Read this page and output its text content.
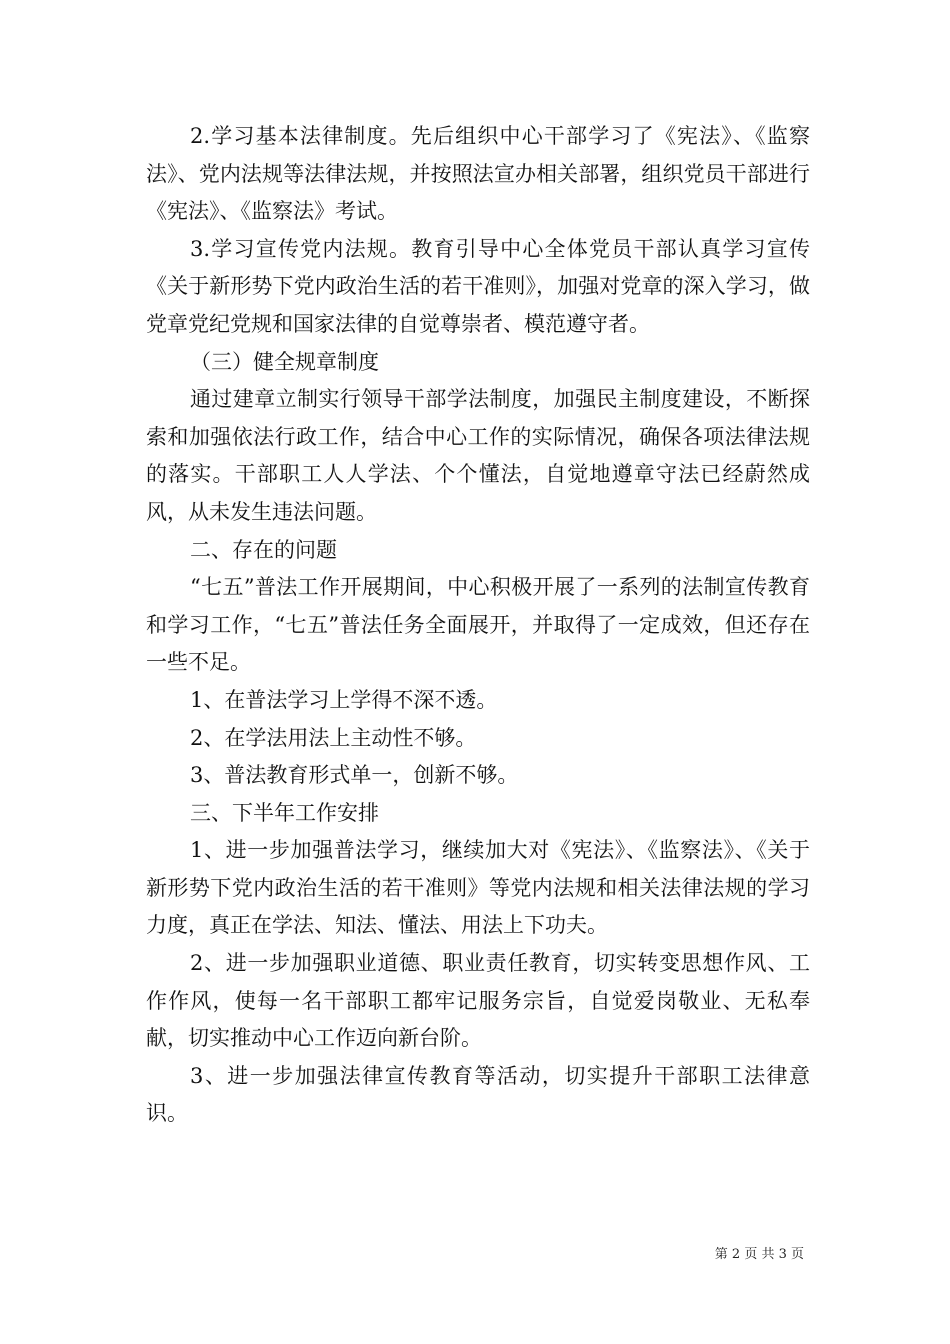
2.学习基本法律制度。先后组织中心干部学习了《宪法》、《监察法》、党内法规等法律法规，并按照法宣办相关部署，组织党员干部进行《宪法》、《监察法》考试。

3.学习宣传党内法规。教育引导中心全体党员干部认真学习宣传《关于新形势下党内政治生活的若干准则》，加强对党章的深入学习，做党章党纪党规和国家法律的自觉尊崇者、模范遵守者。

（三）健全规章制度

通过建章立制实行领导干部学法制度，加强民主制度建设，不断探索和加强依法行政工作，结合中心工作的实际情况，确保各项法律法规的落实。干部职工人人学法、个个懂法，自觉地遵章守法已经蔚然成风，从未发生违法问题。

二、存在的问题

“七五”普法工作开展期间，中心积极开展了一系列的法制宣传教育和学习工作，“七五”普法任务全面展开，并取得了一定成效，但还存在一些不足。

1、在普法学习上学得不深不透。

2、在学法用法上主动性不够。

3、普法教育形式单一，创新不够。

三、下半年工作安排

1、进一步加强普法学习，继续加大对《宪法》、《监察法》、《关于新形势下党内政治生活的若干准则》等党内法规和相关法律法规的学习力度，真正在学法、知法、懂法、用法上下功夫。

2、进一步加强职业道德、职业责任教育，切实转变思想作风、工作作风，使每一名干部职工都牢记服务宗旨，自觉爱岗敬业、无私奉献，切实推动中心工作迈向新台阶。

3、进一步加强法律宣传教育等活动，切实提升干部职工法律意识。

第 2 页 共 3 页
